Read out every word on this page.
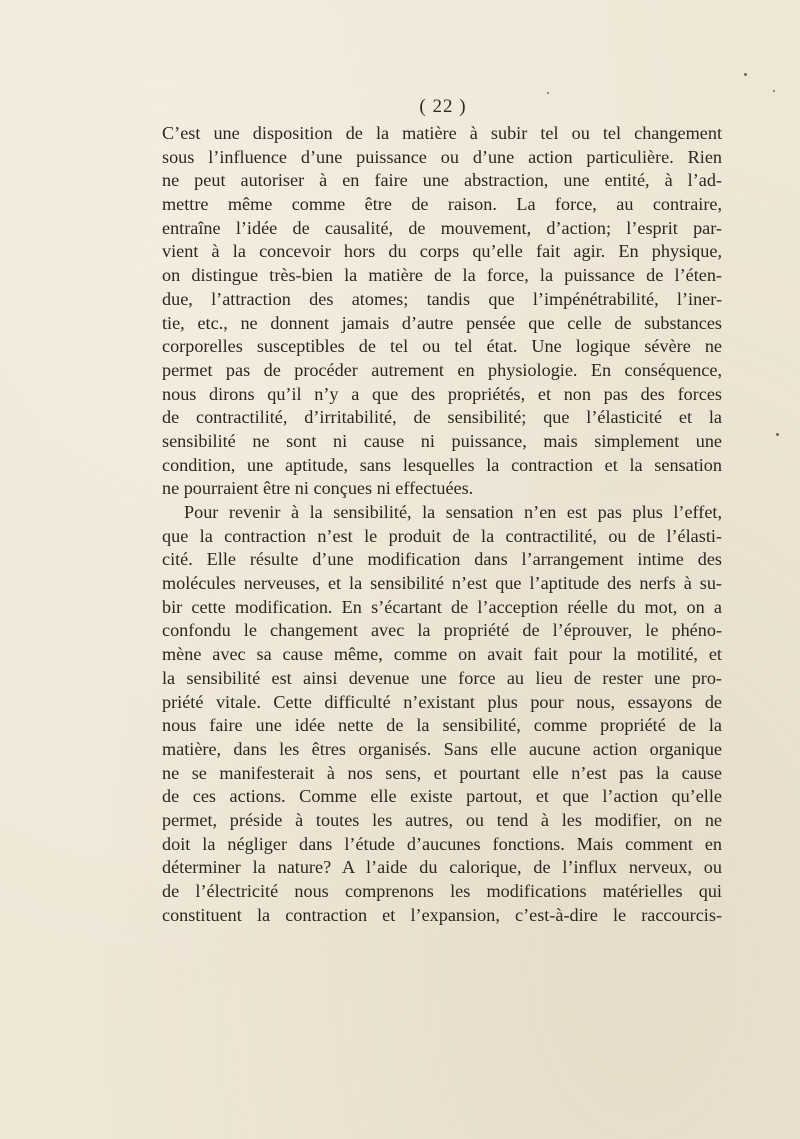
( 22 )
C’est une disposition de la matière à subir tel ou tel changement
sous l’influence d’une puissance ou d’une action particulière. Rien
ne peut autoriser à en faire une abstraction, une entité, à l’ad-
mettre même comme être de raison. La force, au contraire,
entraîne l’idée de causalité, de mouvement, d’action; l’esprit par-
vient à la concevoir hors du corps qu’elle fait agir. En physique,
on distingue très-bien la matière de la force, la puissance de l’éten-
due, l’attraction des atomes; tandis que l’impénétrabilité, l’iner-
tie, etc., ne donnent jamais d’autre pensée que celle de substances
corporelles susceptibles de tel ou tel état. Une logique sévère ne
permet pas de procéder autrement en physiologie. En conséquence,
nous dirons qu’il n’y a que des propriétés, et non pas des forces
de contractilité, d’irritabilité, de sensibilité; que l’élasticité et la
sensibilité ne sont ni cause ni puissance, mais simplement une
condition, une aptitude, sans lesquelles la contraction et la sensation
ne pourraient être ni conçues ni effectuées.
Pour revenir à la sensibilité, la sensation n’en est pas plus l’effet,
que la contraction n’est le produit de la contractilité, ou de l’élasti-
cité. Elle résulte d’une modification dans l’arrangement intime des
molécules nerveuses, et la sensibilité n’est que l’aptitude des nerfs à su-
bir cette modification. En s’écartant de l’acception réelle du mot, on a
confondu le changement avec la propriété de l’éprouver, le phéno-
mène avec sa cause même, comme on avait fait pour la motilité, et
la sensibilité est ainsi devenue une force au lieu de rester une pro-
priété vitale. Cette difficulté n’existant plus pour nous, essayons de
nous faire une idée nette de la sensibilité, comme propriété de la
matière, dans les êtres organisés. Sans elle aucune action organique
ne se manifesterait à nos sens, et pourtant elle n’est pas la cause
de ces actions. Comme elle existe partout, et que l’action qu’elle
permet, préside à toutes les autres, ou tend à les modifier, on ne
doit la négliger dans l’étude d’aucunes fonctions. Mais comment en
déterminer la nature? A l’aide du calorique, de l’influx nerveux, ou
de l’électricité nous comprenons les modifications matérielles qui
constituent la contraction et l’expansion, c’est-à-dire le raccourcis-
